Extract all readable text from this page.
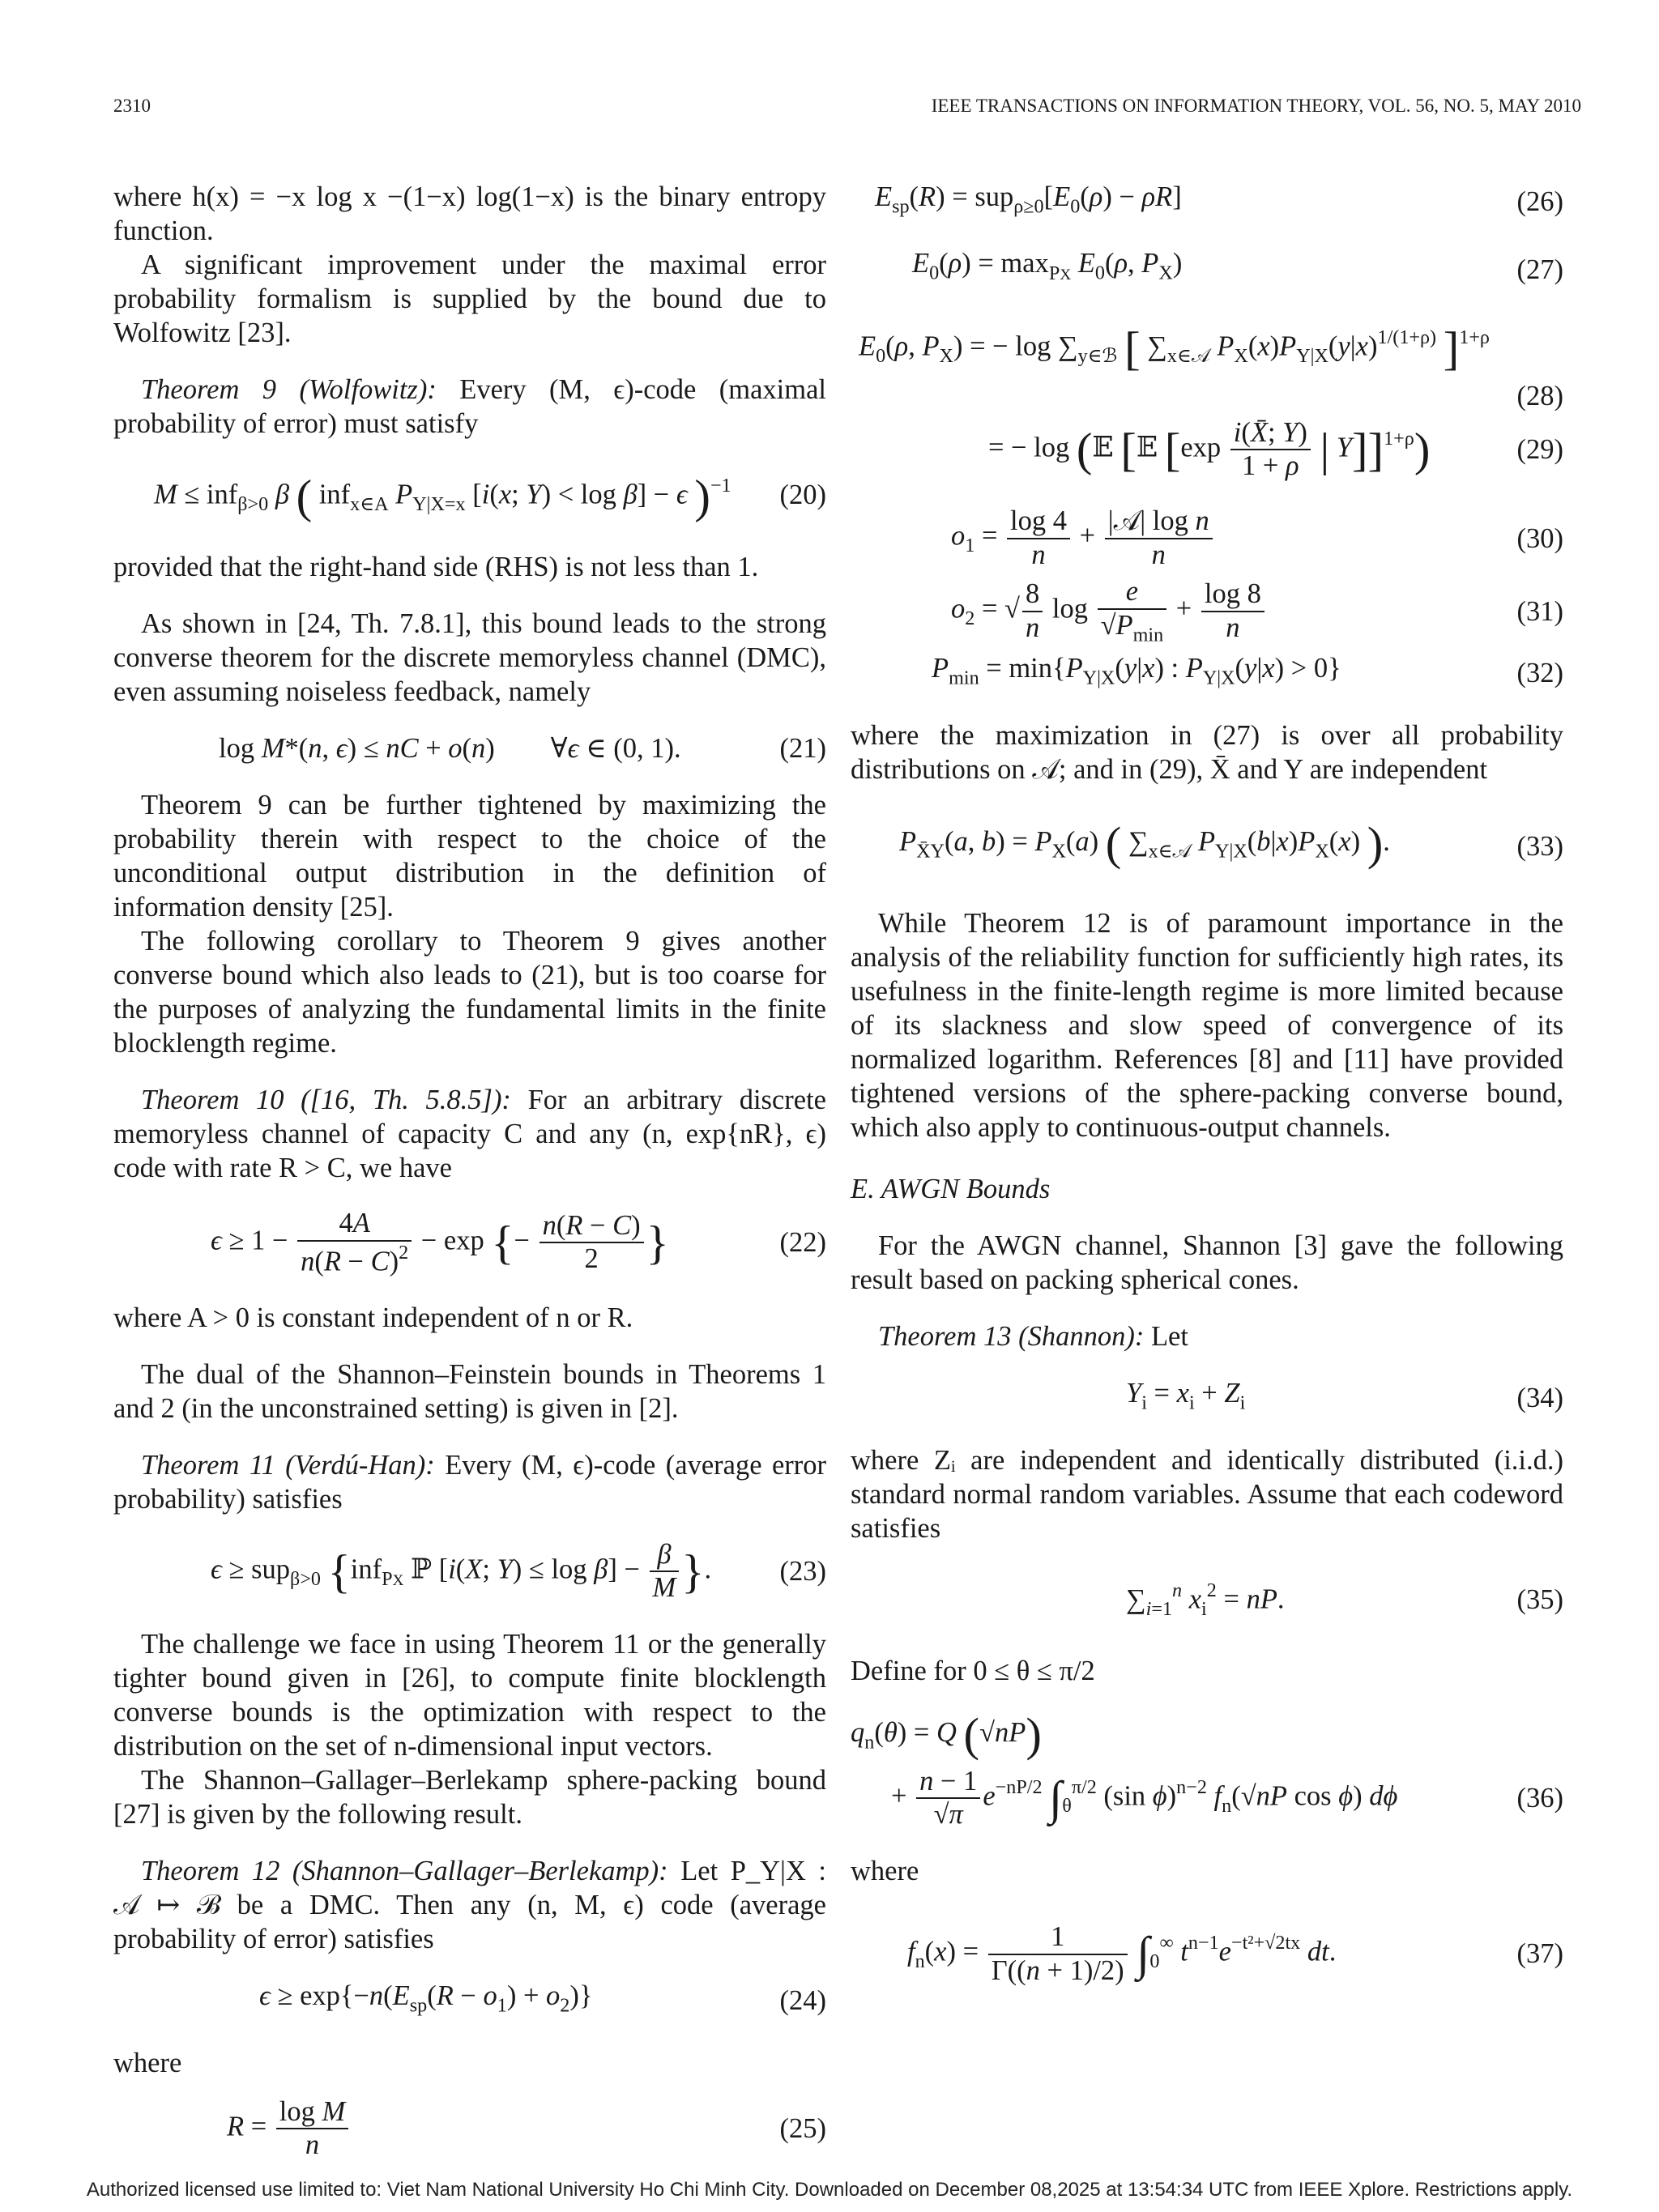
2310	IEEE TRANSACTIONS ON INFORMATION THEORY, VOL. 56, NO. 5, MAY 2010

where h(x) = −x log x −(1−x) log(1−x) is the binary entropy function.

A significant improvement under the maximal error probability formalism is supplied by the bound due to Wolfowitz [23].

Theorem 9 (Wolfowitz): Every (M, ϵ)-code (maximal probability of error) must satisfy

M ≤ inf$_{\beta>0}$ β ( inf$_{x\in A}$ $P_{Y|X=x}$ [i(x; Y) < log β] − ϵ )$^{-1}$	(20)

provided that the right-hand side (RHS) is not less than 1.

As shown in [24, Th. 7.8.1], this bound leads to the strong converse theorem for the discrete memoryless channel (DMC), even assuming noiseless feedback, namely

log M*(n, ϵ) ≤ nC + o(n)        ∀ϵ ∈ (0, 1).	(21)

Theorem 9 can be further tightened by maximizing the probability therein with respect to the choice of the unconditional output distribution in the definition of information density [25].

The following corollary to Theorem 9 gives another converse bound which also leads to (21), but is too coarse for the purposes of analyzing the fundamental limits in the finite blocklength regime.

Theorem 10 ([16, Th. 5.8.5]): For an arbitrary discrete memoryless channel of capacity C and any (n, exp{nR}, ϵ) code with rate R > C, we have

$\epsilon \ge 1 - \frac{4A}{n(R - C)^2} - \exp$ {− $\frac{n(R - C)}{2}$ }	(22)

where A > 0 is constant independent of n or R.

The dual of the Shannon–Feinstein bounds in Theorems 1 and 2 (in the unconstrained setting) is given in [2].

Theorem 11 (Verdú-Han): Every (M, ϵ)-code (average error probability) satisfies

ϵ ≥ sup$_{\beta>0}$ {inf$_{PX}$ ℙ [i(X; $Y) \le \log \beta] - \frac{\beta}{M}$ }.	(23)

The challenge we face in using Theorem 11 or the generally tighter bound given in [26], to compute finite blocklength converse bounds is the optimization with respect to the distribution on the set of n-dimensional input vectors.

The Shannon–Gallager–Berlekamp sphere-packing bound [27] is given by the following result.

Theorem 12 (Shannon–Gallager–Berlekamp): Let P_Y|X : 𝒜 ↦ ℬ be a DMC. Then any (n, M, ϵ) code (average probability of error) satisfies

$\epsilon \ge \exp\{-n(E_{sp}(R - o_1) + o_2)\}$	(24)

where

$R = \frac{\text{log M}}{n}$	(25)
$E_{sp}(R) = sup_{\rho\ge 0}[E_0(\rho) - \rho R]$	(26)
$E_0(\rho) = \max_{PX} E_0(\rho$, $P_X$)	(27)
$E_0(\rho$, $P_X$) = − $\log \sum_{y\in ℬ}$ [ $\sum_{x\in 𝒜}$ $P_X(x)P_{Y|X}(y|x)^{1/(1+\rho)}$ ]$^{1+\rho}$
(28)
= − log (𝔼 [𝔼 [$\exp \frac{i(X̄; Y)}{1 + \rho}$ | Y]]$^{1+\rho}$)	(29)
$o_1 = \frac{\log 4}{n} + \frac{\text{|𝒜| log n}}{n}$	(30)
$o_2$ = √ $\frac{8}{n}$ $\log \frac{e}{√P_{min}} + \frac{\log 8}{n}$	(31)
$P_{min} = \min\{P_{Y|X}(y|x)$ : $P_{Y|X}(y|x) > 0$}	(32)

where the maximization in (27) is over all probability distributions on 𝒜; and in (29), X̄ and Y are independent

$P_{X̄Y}(a$, $b) = P_X(a)$ ( $\sum_{x\in 𝒜}$ $P_{Y|X}(b|x)P_X(x)$ ).	(33)

While Theorem 12 is of paramount importance in the analysis of the reliability function for sufficiently high rates, its usefulness in the finite-length regime is more limited because of its slackness and slow speed of convergence of its normalized logarithm. References [8] and [11] have provided tightened versions of the sphere-packing converse bound, which also apply to continuous-output channels.

E. AWGN Bounds

For the AWGN channel, Shannon [3] gave the following result based on packing spherical cones.

Theorem 13 (Shannon): Let

$Y_i = x_i + Z_i$	(34)

where Zᵢ are independent and identically distributed (i.i.d.) standard normal random variables. Assume that each codeword satisfies

$\sum_{i=1}^n$ $x_i^2$ = nP.	(35)

Define for 0 ≤ θ ≤ π/2

$q_n(\theta) = Q$ (√nP)
+ $\frac{n - 1}{√\pi} e^{-nP/2}$ $\int_\theta^{\pi/2}$ (sin ϕ)$^{n-2}$ $f_n(√nP$ cos ϕ) dϕ	(36)

where

$f_n(x) = \frac{1}{\Gamma((n + 1)/2)} \int_0^\infty$ $t^{n-1}e^{-t^2+√2tx}$ dt.	(37)
Authorized licensed use limited to: Viet Nam National University Ho Chi Minh City. Downloaded on December 08,2025 at 13:54:34 UTC from IEEE Xplore. Restrictions apply.
